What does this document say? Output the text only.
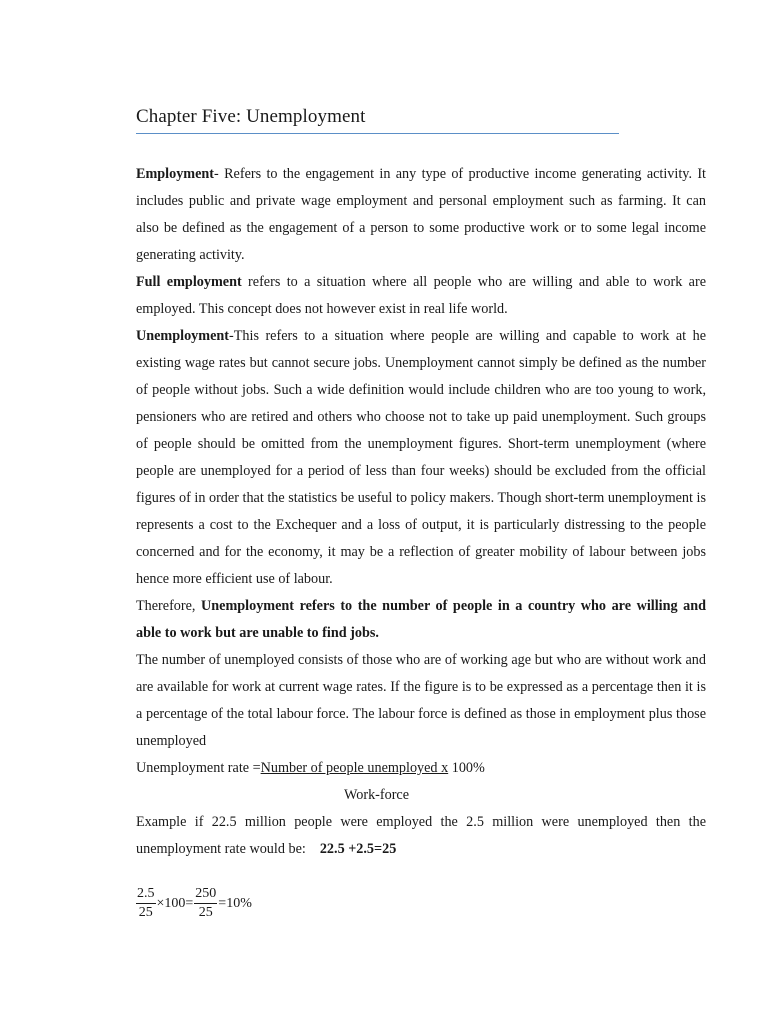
Chapter Five: Unemployment

Employment- Refers to the engagement in any type of productive income generating activity. It includes public and private wage employment and personal employment such as farming. It can also be defined as the engagement of a person to some productive work or to some legal income generating activity.

Full employment refers to a situation where all people who are willing and able to work are employed. This concept does not however exist in real life world.

Unemployment-This refers to a situation where people are willing and capable to work at he existing wage rates but cannot secure jobs. Unemployment cannot simply be defined as the number of people without jobs. Such a wide definition would include children who are too young to work, pensioners who are retired and others who choose not to take up paid unemployment. Such groups of people should be omitted from the unemployment figures. Short-term unemployment (where people are unemployed for a period of less than four weeks) should be excluded from the official figures of in order that the statistics be useful to policy makers. Though short-term unemployment is represents a cost to the Exchequer and a loss of output, it is particularly distressing to the people concerned and for the economy, it may be a reflection of greater mobility of labour between jobs hence more efficient use of labour.

Therefore, Unemployment refers to the number of people in a country who are willing and able to work but are unable to find jobs.

The number of unemployed consists of those who are of working age but who are without work and are available for work at current wage rates. If the figure is to be expressed as a percentage then it is a percentage of the total labour force. The labour force is defined as those in employment plus those unemployed

Unemployment rate =Number of people unemployed x 100%

Work-force

Example if 22.5 million people were employed the 2.5 million were unemployed then the unemployment rate would be: 22.5 +2.5=25

$\frac{2.5}{25} \times 100= \frac{250}{25} =10\%$
